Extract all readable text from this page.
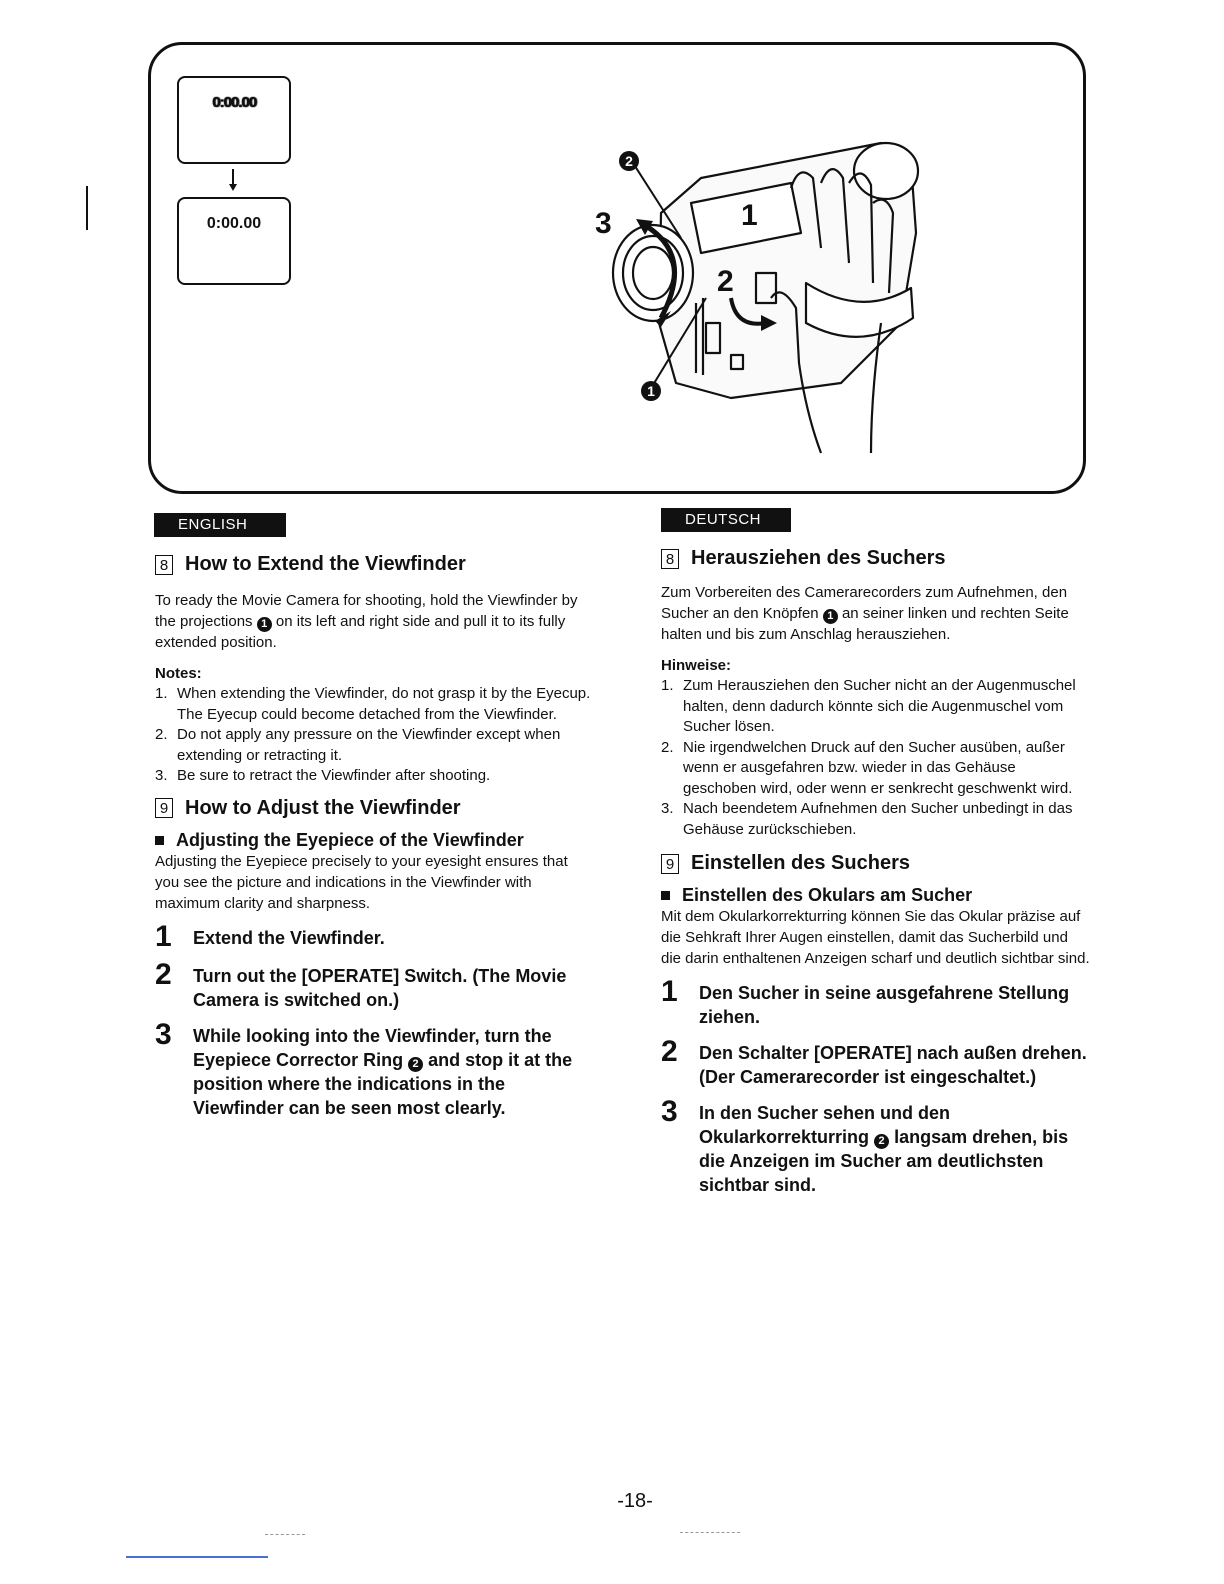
0:00.00
0:00.00
2
1
3	1
2
ENGLISH
8 How to Extend the Viewfinder

To ready the Movie Camera for shooting, hold the Viewfinder by the projections 1 on its left and right side and pull it to its fully extended position.

Notes:
1. When extending the Viewfinder, do not grasp it by the Eyecup.
The Eyecup could become detached from the Viewfinder.
2. Do not apply any pressure on the Viewfinder except when extending or retracting it.
3. Be sure to retract the Viewfinder after shooting.
9 How to Adjust the Viewfinder
Adjusting the Eyepiece of the Viewfinder

Adjusting the Eyepiece precisely to your eyesight ensures that you see the picture and indications in the Viewfinder with maximum clarity and sharpness.

1	Extend the Viewfinder.
2	Turn out the [OPERATE] Switch. (The Movie Camera is switched on.)
3	While looking into the Viewfinder, turn the Eyepiece Corrector Ring 2 and stop it at the position where the indications in the Viewfinder can be seen most clearly.
DEUTSCH
8 Herausziehen des Suchers

Zum Vorbereiten des Camerarecorders zum Aufnehmen, den Sucher an den Knöpfen 1 an seiner linken und rechten Seite halten und bis zum Anschlag herausziehen.

Hinweise:
1. Zum Herausziehen den Sucher nicht an der Augenmuschel halten, denn dadurch könnte sich die Augenmuschel vom Sucher lösen.
2. Nie irgendwelchen Druck auf den Sucher ausüben, außer wenn er ausgefahren bzw. wieder in das Gehäuse geschoben wird, oder wenn er senkrecht geschwenkt wird.
3. Nach beendetem Aufnehmen den Sucher unbedingt in das Gehäuse zurückschieben.
9 Einstellen des Suchers
Einstellen des Okulars am Sucher

Mit dem Okularkorrekturring können Sie das Okular präzise auf die Sehkraft Ihrer Augen einstellen, damit das Sucherbild und die darin enthaltenen Anzeigen scharf und deutlich sichtbar sind.

1	Den Sucher in seine ausgefahrene Stellung ziehen.
2	Den Schalter [OPERATE] nach außen drehen. (Der Camerarecorder ist eingeschaltet.)
3	In den Sucher sehen und den Okularkorrekturring 2 langsam drehen, bis die Anzeigen im Sucher am deutlichsten sichtbar sind.
-18-
